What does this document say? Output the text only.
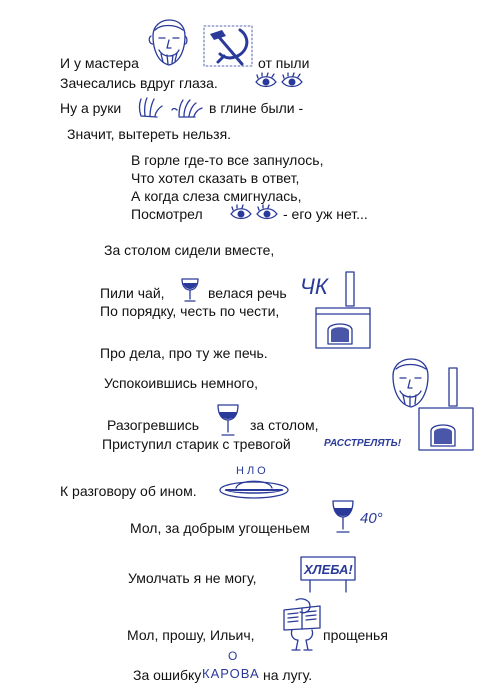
И у мастера	от пыли
Зачесались вдруг глаза.
Ну а руки	в глине были -
Значит, вытереть нельзя.
В горле где-то все запнулось,
Что хотел сказать в ответ,
А когда слеза смигнулась,
Посмотрел	- его уж нет...
За столом сидели вместе,
Пили чай,	велася речь
По порядку, честь по чести,
Про дела, про ту же печь.
Успокоившись немного,
Разогревшись	за столом,
Приступил старик с тревогой
К разговору об ином.
Мол, за добрым угощеньем
Умолчать я не могу,
Мол, прошу, Ильич,	прощенья
За ошибку	на лугу.
ЧК
РАССТРЕЛЯТЬ!
НЛО
40°
ХЛЕБА!
О
КАРОВА
